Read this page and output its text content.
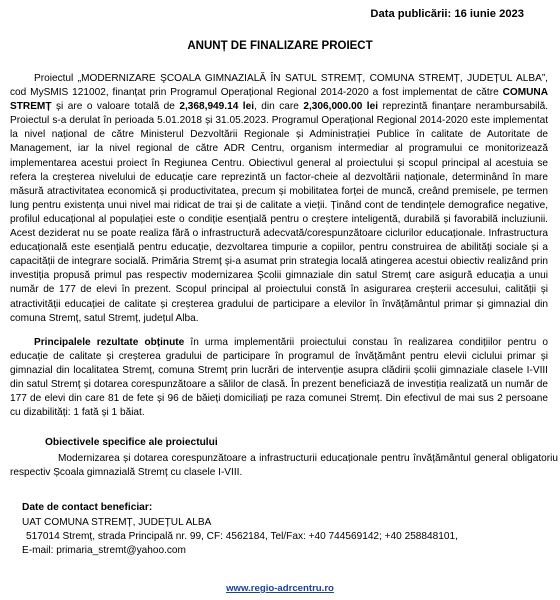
Data publicării: 16 iunie 2023
ANUNȚ DE FINALIZARE PROIECT
Proiectul „MODERNIZARE ŞCOALA GIMNAZIALĂ ÎN SATUL STREMȚ, COMUNA STREMȚ, JUDEȚUL ALBA”, cod MySMIS 121002, finanțat prin Programul Operațional Regional 2014-2020 a fost implementat de către COMUNA STREMȚ și are o valoare totală de 2,368,949.14 lei, din care 2,306,000.00 lei reprezintă finanțare nerambursabilă. Proiectul s-a derulat în perioada 5.01.2018 și 31.05.2023. Programul Operațional Regional 2014-2020 este implementat la nivel național de către Ministerul Dezvoltării Regionale și Administrației Publice în calitate de Autoritate de Management, iar la nivel regional de către ADR Centru, organism intermediar al programului ce monitorizează implementarea acestui proiect în Regiunea Centru. Obiectivul general al proiectului și scopul principal al acestuia se refera la creșterea nivelului de educație care reprezintă un factor-cheie al dezvoltării naționale, determinând în mare măsură atractivitatea economică și productivitatea, precum și mobilitatea forței de muncă, creând premisele, pe termen lung pentru existența unui nivel mai ridicat de trai și de calitate a vieții. Ținând cont de tendințele demografice negative, profilul educațional al populației este o condiție esențială pentru o creștere inteligentă, durabilă și favorabilă incluziunii. Acest deziderat nu se poate realiza fără o infrastructură adecvată/corespunzătoare ciclurilor educaționale. Infrastructura educațională este esențială pentru educație, dezvoltarea timpurie a copiilor, pentru construirea de abilități sociale și a capacității de integrare socială. Primăria Stremț și-a asumat prin strategia locală atingerea acestui obiectiv realizând prin investiția propusă primul pas respectiv modernizarea Școlii gimnaziale din satul Stremț care asigură educația a unui număr de 177 de elevi în prezent. Scopul principal al proiectului constă în asigurarea creșterii accesului, calității și atractivității educației de calitate și creșterea gradului de participare a elevilor în învățământul primar și gimnazial din comuna Stremț, satul Stremț, județul Alba.
Principalele rezultate obținute în urma implementării proiectului constau în realizarea condițiilor pentru o educație de calitate și creșterea gradului de participare în programul de învățământ pentru elevii ciclului primar și gimnazial din localitatea Stremț, comuna Stremț prin lucrări de intervenție asupra clădirii școlii gimnaziale clasele I-VIII din satul Stremț și dotarea corespunzătoare a sălilor de clasă. În prezent beneficiază de investiția realizată un număr de 177 de elevi din care 81 de fete și 96 de băieți domiciliați pe raza comunei Stremț. Din efectivul de mai sus 2 persoane cu dizabilități: 1 fată și 1 băiat.
Obiectivele specifice ale proiectului
Modernizarea și dotarea corespunzătoare a infrastructurii educaționale pentru învățământul general obligatoriu respectiv Școala gimnazială Stremț cu clasele I-VIII.
Date de contact beneficiar:
UAT COMUNA STREMȚ, JUDEȚUL ALBA
517014 Stremț, strada Principală nr. 99, CF: 4562184, Tel/Fax: +40 744569142; +40 258848101,
E-mail: primaria_stremt@yahoo.com
www.regio-adrcentru.ro
